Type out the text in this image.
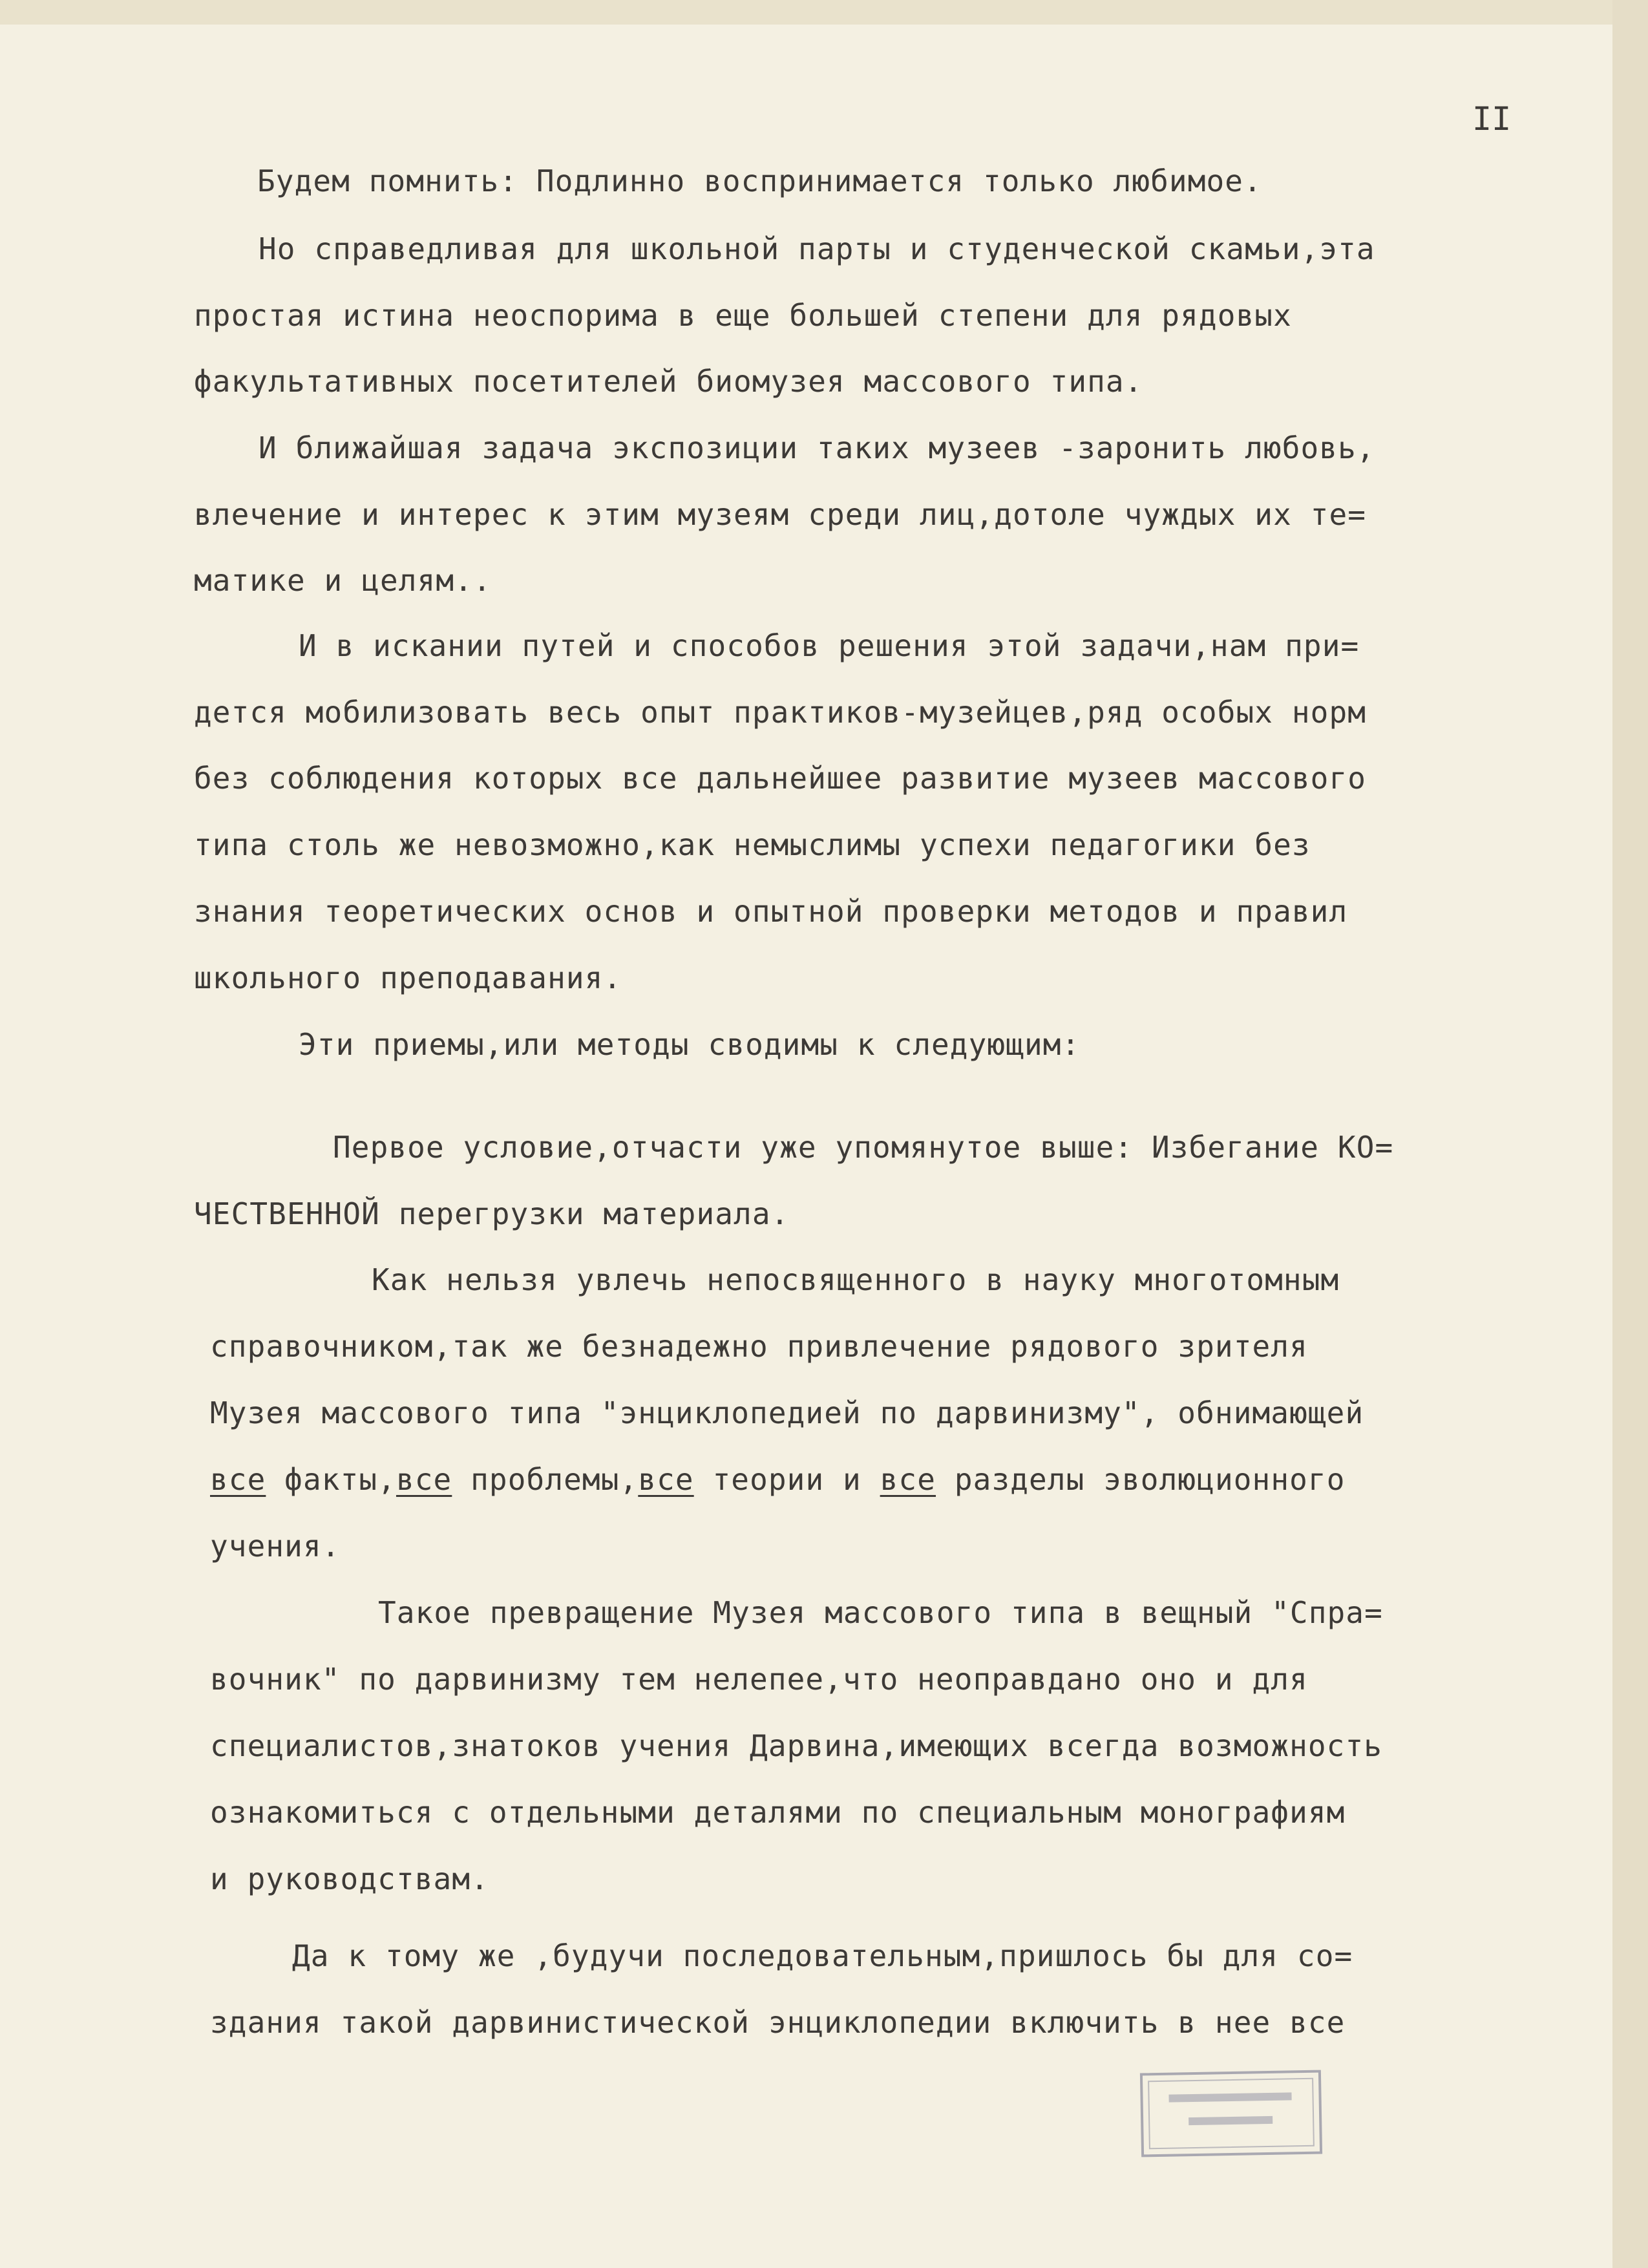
II
Будем помнить: Подлинно воспринимается только любимое.
Но справедливая для школьной парты и студенческой скамьи,эта
простая истина неоспорима в еще большей степени для рядовых
факультативных посетителей биомузея массового типа.
И ближайшая задача экспозиции таких музеев -заронить любовь,
влечение и интерес к этим музеям среди лиц,дотоле чуждых их те=
матике и целям..
И в искании путей и способов решения этой задачи,нам при=
дется мобилизовать весь опыт практиков-музейцев,ряд особых норм
без соблюдения которых все дальнейшее развитие музеев массового
типа столь же невозможно,как немыслимы успехи педагогики без
знания теоретических основ и опытной проверки методов и правил
школьного преподавания.
Эти приемы,или методы сводимы к следующим:
Первое условие,отчасти уже упомянутое выше: Избегание КО=
ЧЕСТВЕННОЙ перегрузки материала.
Как нельзя увлечь непосвященного в науку многотомным
справочником,так же безнадежно привлечение рядового зрителя
Музея массового типа "энциклопедией по дарвинизму", обнимающей
все факты,все проблемы,все теории и все разделы эволюционного
учения.
Такое превращение Музея массового типа в вещный "Спра=
вочник" по дарвинизму тем нелепее,что неоправдано оно и для
специалистов,знатоков учения Дарвина,имеющих всегда возможность
ознакомиться с отдельными деталями по специальным монографиям
и руководствам.
Да к тому же ,будучи последовательным,пришлось бы для со=
здания такой дарвинистической энциклопедии включить в нее все
